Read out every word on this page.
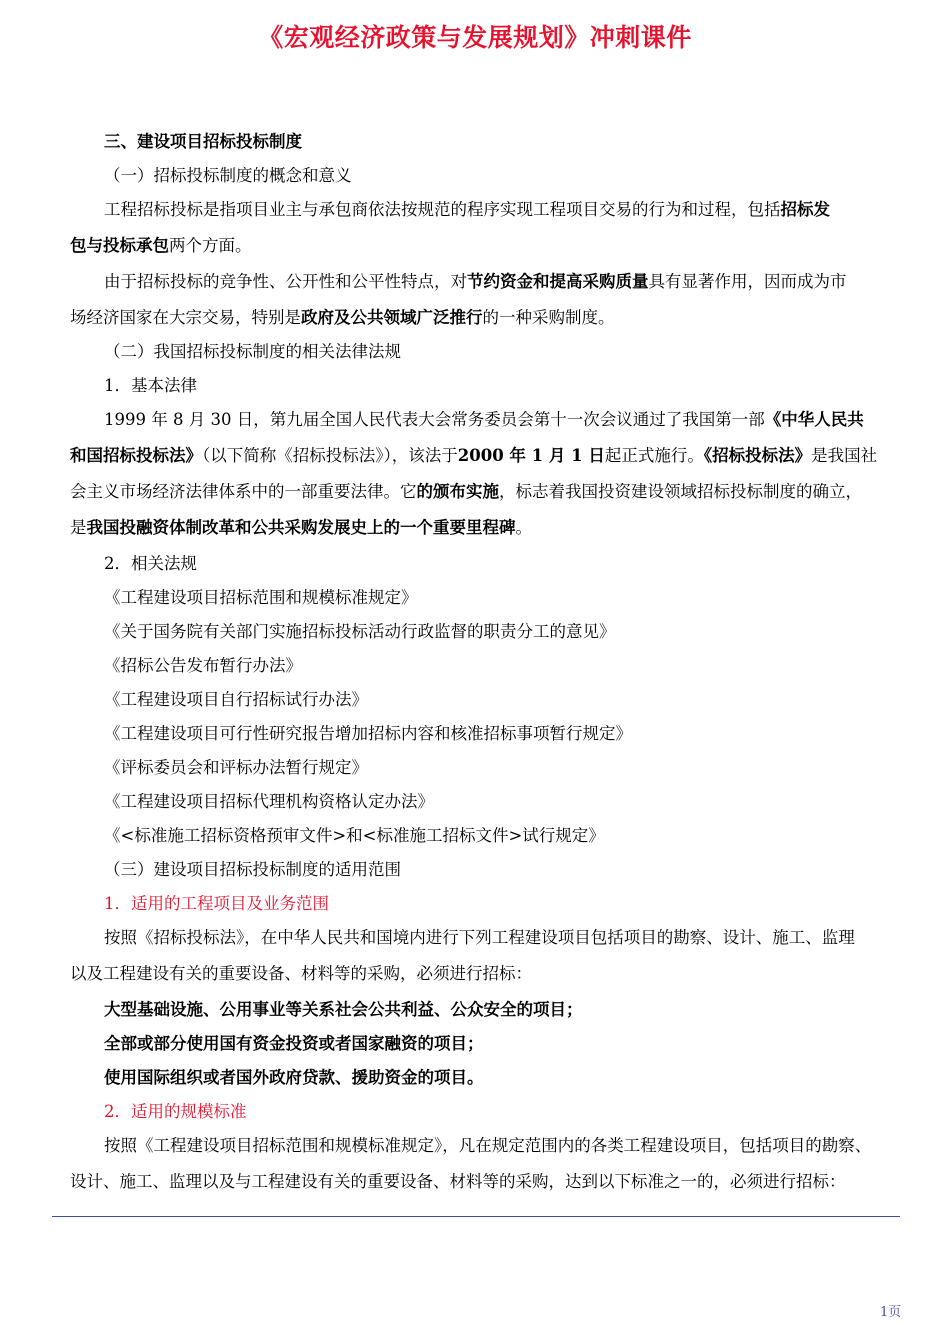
《宏观经济政策与发展规划》冲刺课件
三、建设项目招标投标制度
（一）招标投标制度的概念和意义
工程招标投标是指项目业主与承包商依法按规范的程序实现工程项目交易的行为和过程，包括招标发
包与投标承包两个方面。
由于招标投标的竞争性、公开性和公平性特点，对节约资金和提高采购质量具有显著作用，因而成为市
场经济国家在大宗交易，特别是政府及公共领域广泛推行的一种采购制度。
（二）我国招标投标制度的相关法律法规
1．基本法律
1999 年 8 月 30 日，第九届全国人民代表大会常务委员会第十一次会议通过了我国第一部《中华人民共
和国招标投标法》（以下简称《招标投标法》），该法于2000 年 1 月 1 日起正式施行。《招标投标法》是我国社
会主义市场经济法律体系中的一部重要法律。它的颁布实施，标志着我国投资建设领域招标投标制度的确立，
是我国投融资体制改革和公共采购发展史上的一个重要里程碑。
2．相关法规
《工程建设项目招标范围和规模标准规定》
《关于国务院有关部门实施招标投标活动行政监督的职责分工的意见》
《招标公告发布暂行办法》
《工程建设项目自行招标试行办法》
《工程建设项目可行性研究报告增加招标内容和核准招标事项暂行规定》
《评标委员会和评标办法暂行规定》
《工程建设项目招标代理机构资格认定办法》
《<标准施工招标资格预审文件>和<标准施工招标文件>试行规定》
（三）建设项目招标投标制度的适用范围
1．适用的工程项目及业务范围
按照《招标投标法》，在中华人民共和国境内进行下列工程建设项目包括项目的勘察、设计、施工、监理
以及工程建设有关的重要设备、材料等的采购，必须进行招标：
大型基础设施、公用事业等关系社会公共利益、公众安全的项目；
全部或部分使用国有资金投资或者国家融资的项目；
使用国际组织或者国外政府贷款、援助资金的项目。
2．适用的规模标准
按照《工程建设项目招标范围和规模标准规定》，凡在规定范围内的各类工程建设项目，包括项目的勘察、
设计、施工、监理以及与工程建设有关的重要设备、材料等的采购，达到以下标准之一的，必须进行招标：
1页
